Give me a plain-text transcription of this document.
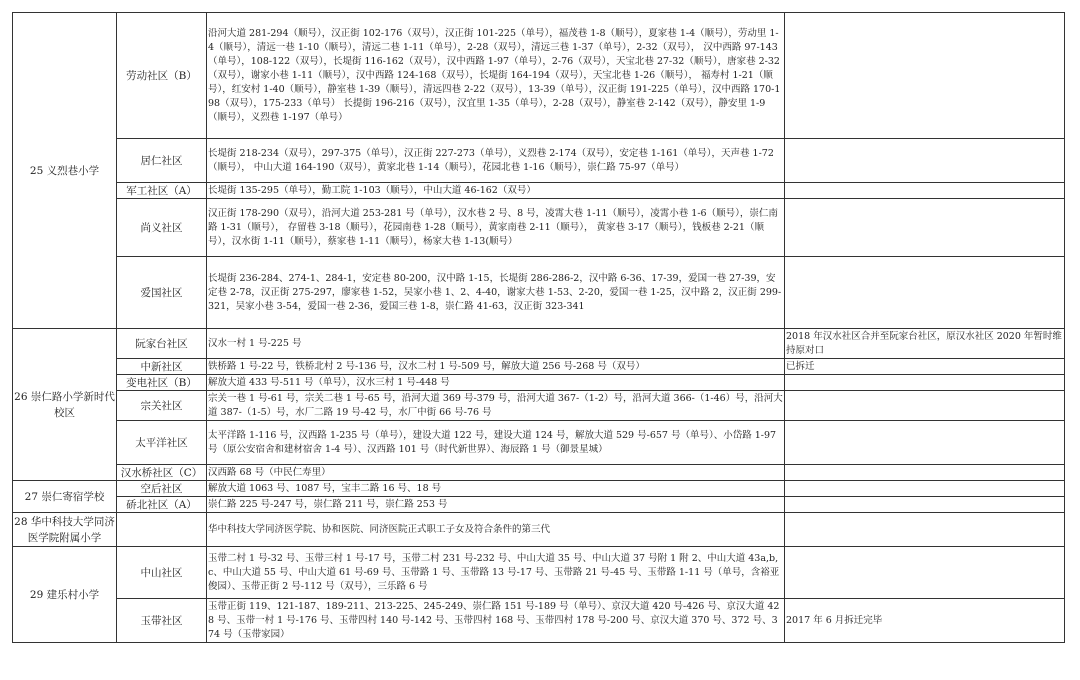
25 义烈巷小学	劳动社区（B）	沿河大道 281-294（顺号），汉正街 102-176（双号），汉正街 101-225（单号），福茂巷 1-8（顺号），夏家巷 1-4（顺号），劳动里 1-4（顺号），清远一巷 1-10（顺号），清远二巷 1-11（单号），2-28（双号），清远三巷 1-37（单号），2-32（双号）， 汉中西路 97-143（单号），108-122（双号），长堤街 116-162（双号），汉中西路 1-97（单号），2-76（双号），天宝北巷 27-32（顺号），唐家巷 2-32（双号），谢家小巷 1-11（顺号），汉中西路 124-168（双号），长堤街 164-194（双号），天宝北巷 1-26（顺号）， 福寿村 1-21（顺号），红安村 1-40（顺号），静室巷 1-39（顺号），清远四巷 2-22（双号），13-39（单号），汉正街 191-225（单号），汉中西路 170-198（双号），175-233（单号） 长提街 196-216（双号），汉宜里 1-35（单号），2-28（双号），静室巷 2-142（双号），静安里 1-9（顺号），义烈巷 1-197（单号）	
	居仁社区	长堤街 218-234（双号），297-375（单号），汉正街 227-273（单号），义烈巷 2-174（双号），安定巷 1-161（单号），天声巷 1-72（顺号）， 中山大道 164-190（双号），黄家北巷 1-14（顺号），花园北巷 1-16（顺号），崇仁路 75-97（单号）	
	军工社区（A）	长堤街 135-295（单号），勤工院 1-103（顺号），中山大道 46-162（双号）	
	尚义社区	汉正街 178-290（双号），沿河大道 253-281 号（单号），汉水巷 2 号、8 号，凌霄大巷 1-11（顺号），凌霄小巷 1-6（顺号），崇仁南路 1-31（顺号）， 存留巷 3-18（顺号），花园南巷 1-28（顺号），黄家南巷 2-11（顺号）， 黄家巷 3-17（顺号），钱板巷 2-21（顺号），汉水街 1-11（顺号），蔡家巷 1-11（顺号），杨家大巷 1-13(顺号）	
	爱国社区	长堤街 236-284、274-1、284-1，安定巷 80-200，汉中路 1-15，长堤街 286-286-2，汉中路 6-36、17-39，爱国一巷 27-39，安定巷 2-78，汉正街 275-297，廖家巷 1-52，吴家小巷 1、2、4-40，谢家大巷 1-53、2-20，爱国一巷 1-25，汉中路 2，汉正街 299-321，吴家小巷 3-54，爱国一巷 2-36，爱国三巷 1-8，崇仁路 41-63，汉正街 323-341	
26 崇仁路小学新时代校区	阮家台社区	汉水一村 1 号-225 号	2018 年汉水社区合并至阮家台社区，原汉水社区 2020 年暂时维持原对口
	中新社区	铁桥路 1 号-22 号，铁桥北村 2 号-136 号，汉水二村 1 号-509 号，解放大道 256 号-268 号（双号）	已拆迁
	变电社区（B）	解放大道 433 号-511 号（单号），汉水三村 1 号-448 号	
	宗关社区	宗关一巷 1 号-61 号，宗关二巷 1 号-65 号，沿河大道 369 号-379 号，沿河大道 367-（1-2）号，沿河大道 366-（1-46）号，沿河大道 387-（1-5）号，水厂二路 19 号-42 号，水厂中街 66 号-76 号	
	太平洋社区	太平洋路 1-116 号，汉西路 1-235 号（单号），建设大道 122 号，建设大道 124 号，解放大道 529 号-657 号（单号）、小岱路 1-97 号（原公安宿舍和建材宿舍 1-4 号）、汉西路 101 号（时代新世界）、海辰路 1 号（御景星城）	
	汉水桥社区（C）	汉西路 68 号（中民仁寿里）	
27 崇仁寄宿学校	空后社区	解放大道 1063 号、1087 号，宝丰二路 16 号、18 号	
	硚北社区（A）	崇仁路 225 号-247 号，崇仁路 211 号，崇仁路 253 号	
28 华中科技大学同济医学院附属小学		华中科技大学同济医学院、协和医院、同济医院正式职工子女及符合条件的第三代	
29 建乐村小学	中山社区	玉带二村 1 号-32 号、玉带三村 1 号-17 号，玉带二村 231 号-232 号、中山大道 35 号、中山大道 37 号附 1 附 2、中山大道 43a,b,c、中山大道 55 号、中山大道 61 号-69 号、玉带路 1 号、玉带路 13 号-17 号、玉带路 21 号-45 号、玉带路 1-11 号（单号，含裕亚俊园）、玉带正街 2 号-112 号（双号），三乐路 6 号	
	玉带社区	玉带正街 119、121-187、189-211、213-225、245-249、崇仁路 151 号-189 号（单号）、京汉大道 420 号-426 号、京汉大道 428 号、玉带一村 1 号-176 号、玉带四村 140 号-142 号、玉带四村 168 号、玉带四村 178 号-200 号、京汉大道 370 号、372 号、374 号（玉带家园）	2017 年 6 月拆迁完毕
